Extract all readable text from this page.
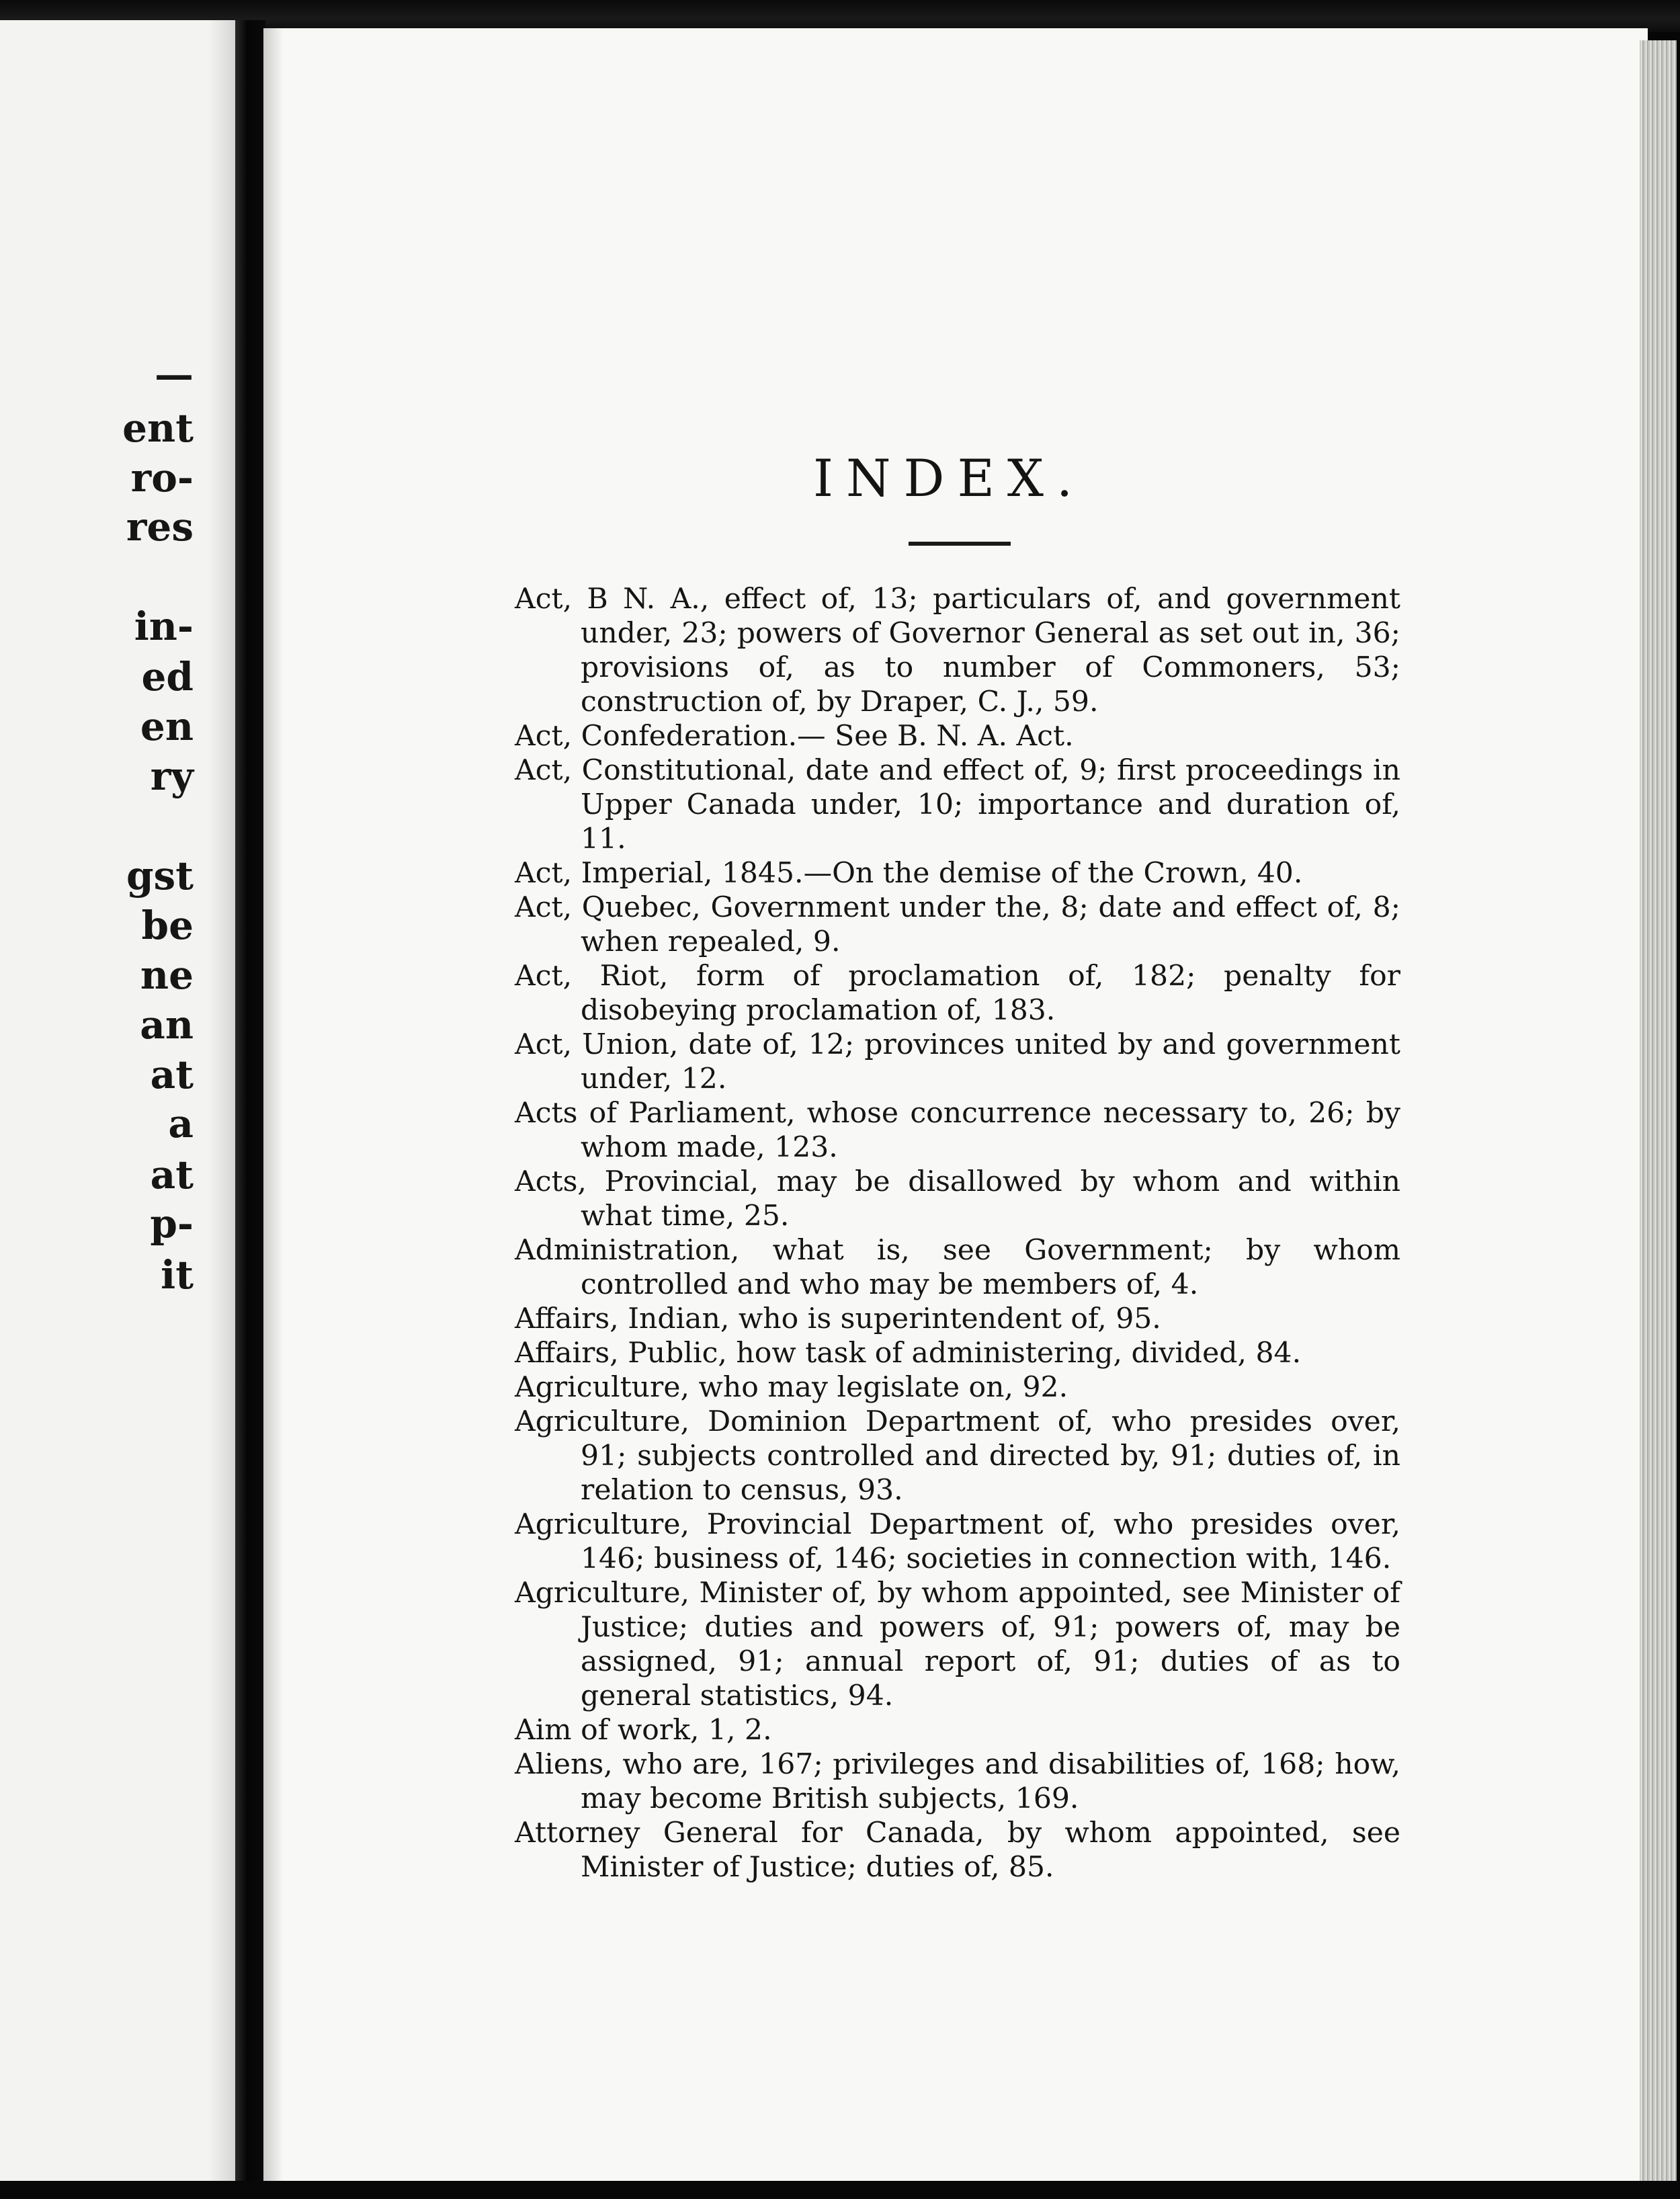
—
ent
ro-
res
in-
ed
en
ry
gst
be
ne
an
at
a
at
p-
it
INDEX.

Act, B N. A., effect of, 13; particulars of, and government under, 23; powers of Governor General as set out in, 36; provisions of, as to number of Commoners, 53; construction of, by Draper, C. J., 59.

Act, Confederation.— See B. N. A. Act.

Act, Constitutional, date and effect of, 9; first proceedings in Upper Canada under, 10; importance and duration of, 11.

Act, Imperial, 1845.—On the demise of the Crown, 40.

Act, Quebec, Government under the, 8; date and effect of, 8; when repealed, 9.

Act, Riot, form of proclamation of, 182; penalty for disobeying proclamation of, 183.

Act, Union, date of, 12; provinces united by and government under, 12.

Acts of Parliament, whose concurrence necessary to, 26; by whom made, 123.

Acts, Provincial, may be disallowed by whom and within what time, 25.

Administration, what is, see Government; by whom controlled and who may be members of, 4.

Affairs, Indian, who is superintendent of, 95.

Affairs, Public, how task of administering, divided, 84.

Agriculture, who may legislate on, 92.

Agriculture, Dominion Department of, who presides over, 91; subjects controlled and directed by, 91; duties of, in relation to census, 93.

Agriculture, Provincial Department of, who presides over, 146; business of, 146; societies in connection with, 146.

Agriculture, Minister of, by whom appointed, see Minister of Justice; duties and powers of, 91; powers of, may be assigned, 91; annual report of, 91; duties of as to general statistics, 94.

Aim of work, 1, 2.

Aliens, who are, 167; privileges and disabilities of, 168; how, may become British subjects, 169.

Attorney General for Canada, by whom appointed, see Minister of Justice; duties of, 85.
